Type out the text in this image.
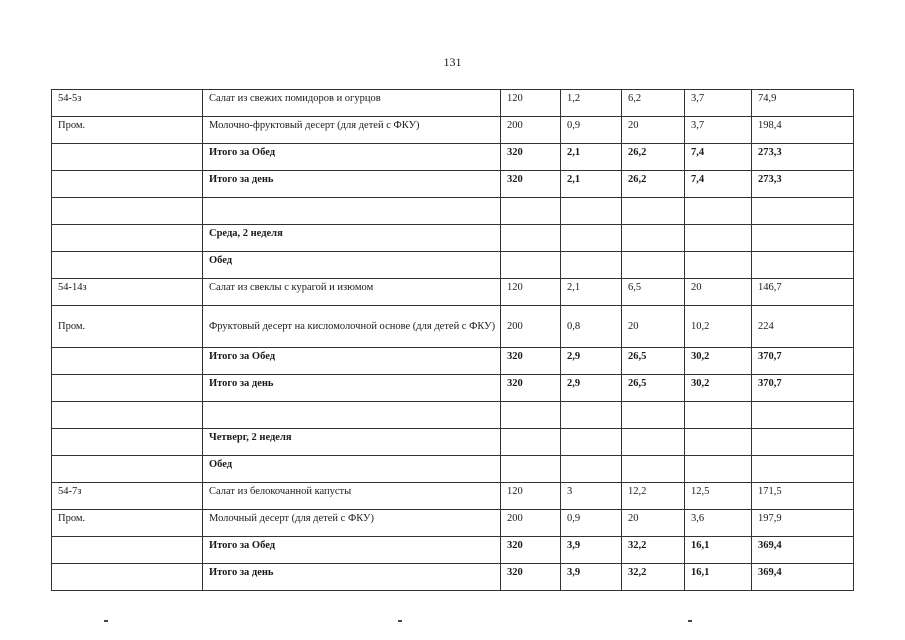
131
54-5з	Салат из свежих помидоров и огурцов	120	1,2	6,2	3,7	74,9
Пром.	Молочно-фруктовый десерт (для детей с ФКУ)	200	0,9	20	3,7	198,4
	Итого за Обед	320	2,1	26,2	7,4	273,3
	Итого за день	320	2,1	26,2	7,4	273,3

	Среда, 2 неделя					
	Обед					
54-14з	Салат из свеклы с курагой и изюмом	120	2,1	6,5	20	146,7
Пром.	Фруктовый десерт на кисломолочной основе (для детей с ФКУ)	200	0,8	20	10,2	224
	Итого за Обед	320	2,9	26,5	30,2	370,7
	Итого за день	320	2,9	26,5	30,2	370,7

	Четверг, 2 неделя					
	Обед					
54-7з	Салат из белокочанной капусты	120	3	12,2	12,5	171,5
Пром.	Молочный десерт (для детей с ФКУ)	200	0,9	20	3,6	197,9
	Итого за Обед	320	3,9	32,2	16,1	369,4
	Итого за день	320	3,9	32,2	16,1	369,4
